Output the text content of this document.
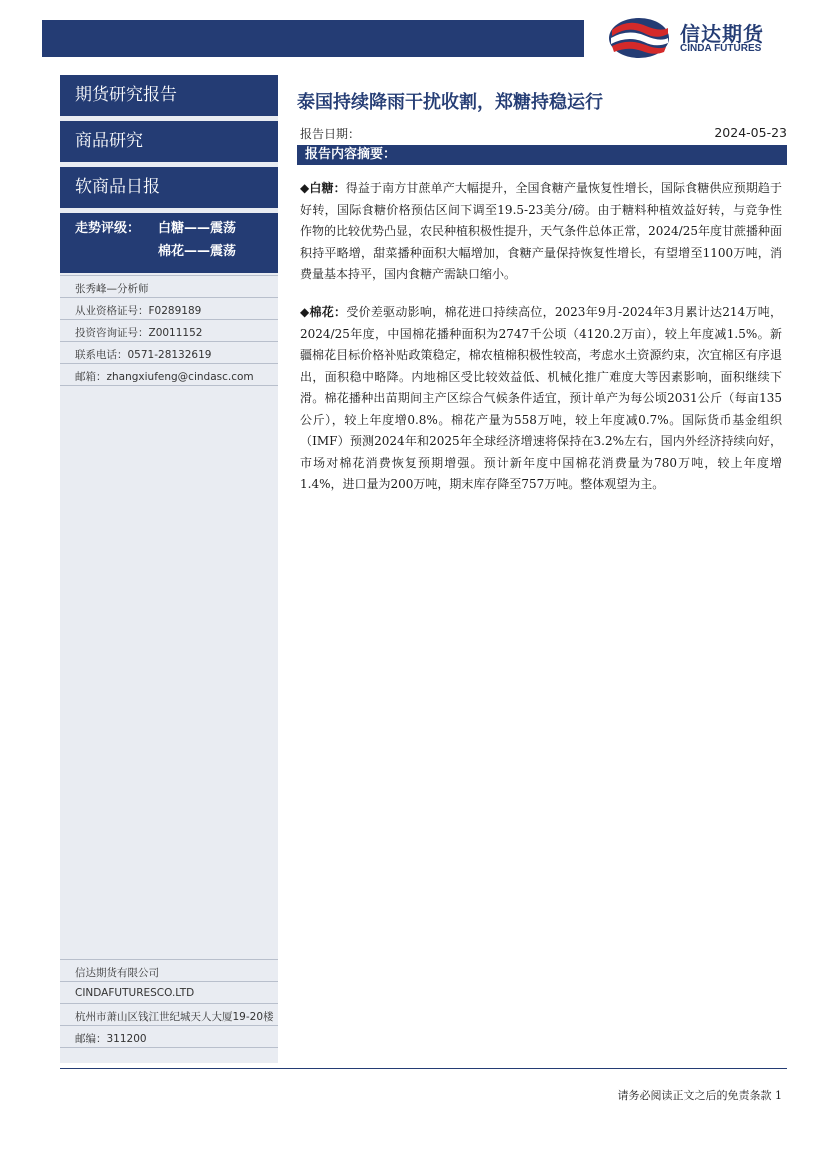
信达期货
CINDA FUTURES
期货研究报告
商品研究
软商品日报
走势评级： 白糖——震荡
棉花——震荡
张秀峰—分析师
从业资格证号：F0289189
投资咨询证号：Z0011152
联系电话：0571-28132619
邮箱：zhangxiufeng@cindasc.com
信达期货有限公司
CINDAFUTURESCO.LTD
杭州市萧山区钱江世纪城天人大厦19-20楼
邮编：311200
泰国持续降雨干扰收割，郑糖持稳运行
报告日期：	2024-05-23
报告内容摘要：
◆白糖：得益于南方甘蔗单产大幅提升，全国食糖产量恢复性增长，国际食糖供应预期趋于好转，国际食糖价格预估区间下调至19.5-23美分/磅。由于糖料种植效益好转，与竞争性作物的比较优势凸显，农民种植积极性提升，天气条件总体正常，2024/25年度甘蔗播种面积持平略增，甜菜播种面积大幅增加，食糖产量保持恢复性增长，有望增至1100万吨，消费量基本持平，国内食糖产需缺口缩小。
◆棉花：受价差驱动影响，棉花进口持续高位，2023年9月-2024年3月累计达214万吨，2024/25年度，中国棉花播种面积为2747千公顷（4120.2万亩），较上年度减1.5%。新疆棉花目标价格补贴政策稳定，棉农植棉积极性较高，考虑水土资源约束，次宜棉区有序退出，面积稳中略降。内地棉区受比较效益低、机械化推广难度大等因素影响，面积继续下滑。棉花播种出苗期间主产区综合气候条件适宜，预计单产为每公顷2031公斤（每亩135公斤），较上年度增0.8%。棉花产量为558万吨，较上年度减0.7%。国际货币基金组织（IMF）预测2024年和2025年全球经济增速将保持在3.2%左右，国内外经济持续向好，市场对棉花消费恢复预期增强。预计新年度中国棉花消费量为780万吨，较上年度增1.4%，进口量为200万吨，期末库存降至757万吨。整体观望为主。
请务必阅读正文之后的免责条款 1
